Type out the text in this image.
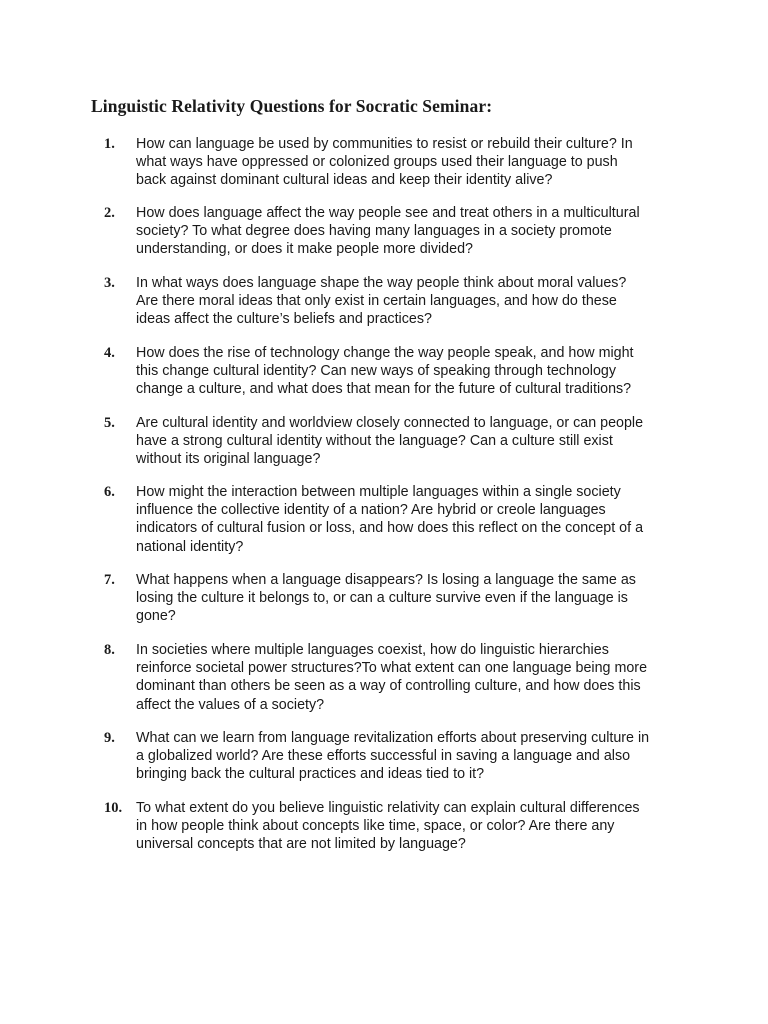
Linguistic Relativity Questions for Socratic Seminar:
1. How can language be used by communities to resist or rebuild their culture? In
what ways have oppressed or colonized groups used their language to push
back against dominant cultural ideas and keep their identity alive?
2. How does language affect the way people see and treat others in a multicultural
society? To what degree does having many languages in a society promote
understanding, or does it make people more divided?
3. In what ways does language shape the way people think about moral values?
Are there moral ideas that only exist in certain languages, and how do these
ideas affect the culture’s beliefs and practices?
4. How does the rise of technology change the way people speak, and how might
this change cultural identity? Can new ways of speaking through technology
change a culture, and what does that mean for the future of cultural traditions?
5. Are cultural identity and worldview closely connected to language, or can people
have a strong cultural identity without the language? Can a culture still exist
without its original language?
6. How might the interaction between multiple languages within a single society
influence the collective identity of a nation? Are hybrid or creole languages
indicators of cultural fusion or loss, and how does this reflect on the concept of a
national identity?
7. What happens when a language disappears? Is losing a language the same as
losing the culture it belongs to, or can a culture survive even if the language is
gone?
8. In societies where multiple languages coexist, how do linguistic hierarchies
reinforce societal power structures?To what extent can one language being more
dominant than others be seen as a way of controlling culture, and how does this
affect the values of a society?
9. What can we learn from language revitalization efforts about preserving culture in
a globalized world? Are these efforts successful in saving a language and also
bringing back the cultural practices and ideas tied to it?
10. To what extent do you believe linguistic relativity can explain cultural differences
in how people think about concepts like time, space, or color? Are there any
universal concepts that are not limited by language?
